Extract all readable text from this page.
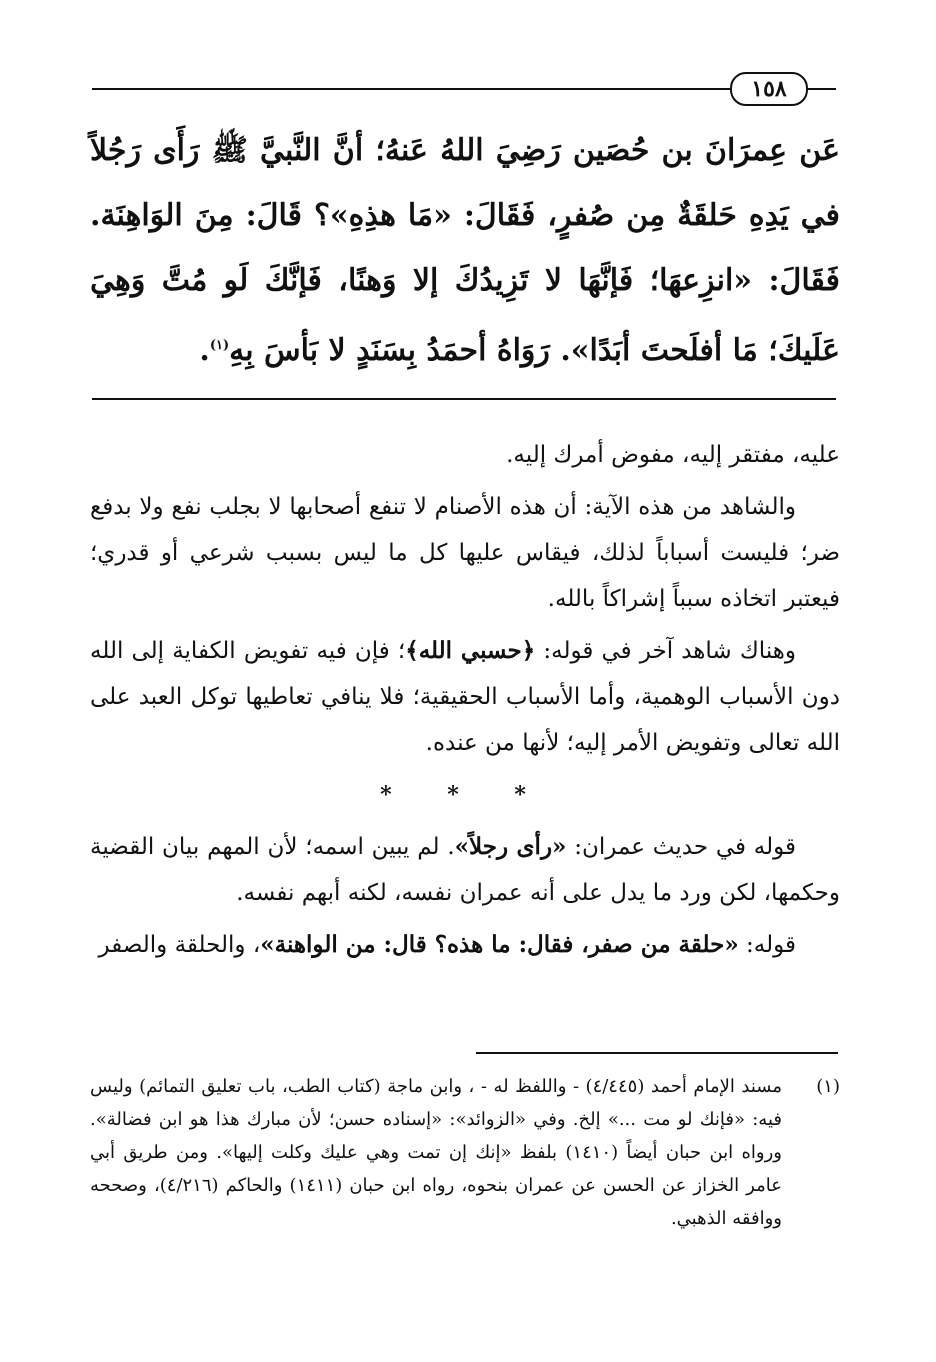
١٥٨
عَن عِمرَانَ بن حُصَين رَضِيَ اللهُ عَنهُ؛ أنَّ النَّبيَّ ﷺ رَأَى رَجُلاً في يَدِهِ حَلقَةٌ مِن صُفرٍ، فَقَالَ: «مَا هذِهِ»؟ قَالَ: مِنَ الوَاهِنَة. فَقَالَ: «انزِعهَا؛ فَإنَّهَا لا تَزِيدُكَ إلا وَهنًا، فَإنَّكَ لَو مُتَّ وَهِيَ عَلَيكَ؛ مَا أفلَحتَ أبَدًا». رَوَاهُ أحمَدُ بِسَنَدٍ لا بَأسَ بِهِ$^{(١)}$.

عليه، مفتقر إليه، مفوض أمرك إليه.

والشاهد من هذه الآية: أن هذه الأصنام لا تنفع أصحابها لا بجلب نفع ولا بدفع ضر؛ فليست أسباباً لذلك، فيقاس عليها كل ما ليس بسبب شرعي أو قدري؛ فيعتبر اتخاذه سبباً إشراكاً بالله.

وهناك شاهد آخر في قوله: ﴿حسبي الله﴾؛ فإن فيه تفويض الكفاية إلى الله دون الأسباب الوهمية، وأما الأسباب الحقيقية؛ فلا ينافي تعاطيها توكل العبد على الله تعالى وتفويض الأمر إليه؛ لأنها من عنده.

* * *

قوله في حديث عمران: «رأى رجلاً». لم يبين اسمه؛ لأن المهم بيان القضية وحكمها، لكن ورد ما يدل على أنه عمران نفسه، لكنه أبهم نفسه.

قوله: «حلقة من صفر، فقال: ما هذه؟ قال: من الواهنة»، والحلقة والصفر

(١)
مسند الإمام أحمد (٤/٤٤٥) - واللفظ له - ، وابن ماجة (كتاب الطب، باب تعليق التمائم) وليس فيه: «فإنك لو مت ...» إلخ. وفي «الزوائد»: «إسناده حسن؛ لأن مبارك هذا هو ابن فضالة». ورواه ابن حبان أيضاً (١٤١٠) بلفظ «إنك إن تمت وهي عليك وكلت إليها». ومن طريق أبي عامر الخزاز عن الحسن عن عمران بنحوه، رواه ابن حبان (١٤١١) والحاكم (٤/٢١٦)، وصححه ووافقه الذهبي.
